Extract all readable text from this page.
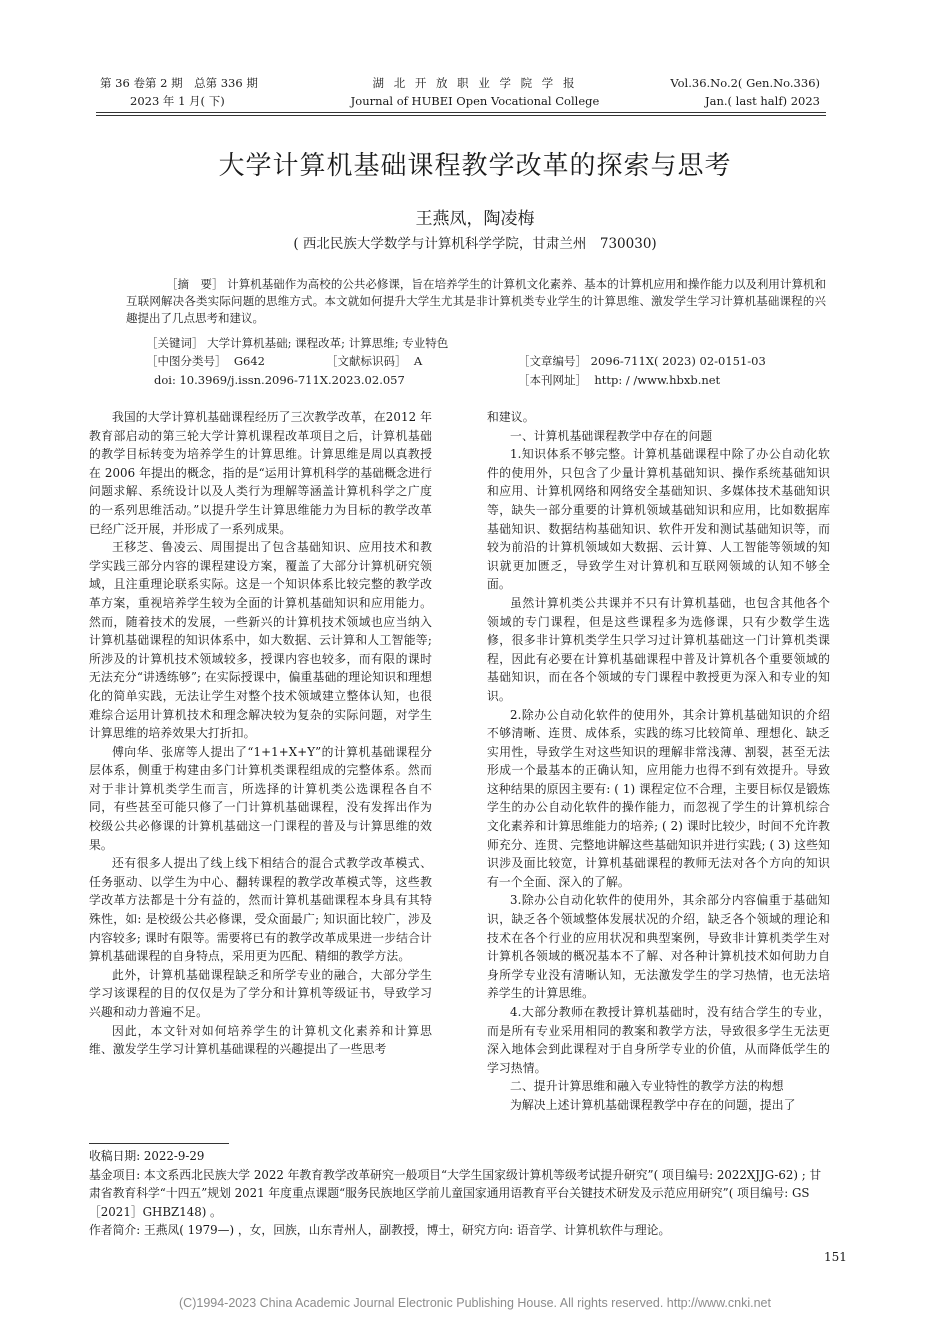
第 36 卷第 2 期　总第 336 期
2023 年 1 月( 下)
湖 北 开 放 职 业 学 院 学 报
Journal of HUBEI Open Vocational College
Vol.36.No.2( Gen.No.336)
Jan.( last half) 2023
大学计算机基础课程教学改革的探索与思考
王燕凤，陶凌梅
( 西北民族大学数学与计算机科学学院，甘肃兰州　730030)
［摘　要］ 计算机基础作为高校的公共必修课，旨在培养学生的计算机文化素养、基本的计算机应用和操作能力以及利用计算机和互联网解决各类实际问题的思维方式。本文就如何提升大学生尤其是非计算机类专业学生的计算思维、激发学生学习计算机基础课程的兴趣提出了几点思考和建议。
［关键词］ 大学计算机基础; 课程改革; 计算思维; 专业特色
［中图分类号］ G642	［文献标识码］ A	［文章编号］ 2096-711X( 2023) 02-0151-03
doi: 10.3969/j.issn.2096-711X.2023.02.057	［本刊网址］ http: / /www.hbxb.net

我国的大学计算机基础课程经历了三次教学改革，在2012 年教育部启动的第三轮大学计算机课程改革项目之后，计算机基础的教学目标转变为培养学生的计算思维。计算思维是周以真教授在 2006 年提出的概念，指的是“运用计算机科学的基础概念进行问题求解、系统设计以及人类行为理解等涵盖计算机科学之广度的一系列思维活动。”以提升学生计算思维能力为目标的教学改革已经广泛开展，并形成了一系列成果。

王移芝、鲁凌云、周围提出了包含基础知识、应用技术和教学实践三部分内容的课程建设方案，覆盖了大部分计算机研究领域，且注重理论联系实际。这是一个知识体系比较完整的教学改革方案，重视培养学生较为全面的计算机基础知识和应用能力。然而，随着技术的发展，一些新兴的计算机技术领域也应当纳入计算机基础课程的知识体系中，如大数据、云计算和人工智能等; 所涉及的计算机技术领域较多，授课内容也较多，而有限的课时无法充分“讲透练够”; 在实际授课中，偏重基础的理论知识和理想化的简单实践，无法让学生对整个技术领域建立整体认知，也很难综合运用计算机技术和理念解决较为复杂的实际问题，对学生计算思维的培养效果大打折扣。

傅向华、张席等人提出了“1+1+X+Y”的计算机基础课程分层体系，侧重于构建由多门计算机类课程组成的完整体系。然而对于非计算机类学生而言，所选择的计算机类公选课程各自不同，有些甚至可能只修了一门计算机基础课程，没有发挥出作为校级公共必修课的计算机基础这一门课程的普及与计算思维的效果。

还有很多人提出了线上线下相结合的混合式教学改革模式、任务驱动、以学生为中心、翻转课程的教学改革模式等，这些教学改革方法都是十分有益的，然而计算机基础课程本身具有其特殊性，如: 是校级公共必修课，受众面最广; 知识面比较广，涉及内容较多; 课时有限等。需要将已有的教学改革成果进一步结合计算机基础课程的自身特点，采用更为匹配、精细的教学方法。

此外，计算机基础课程缺乏和所学专业的融合，大部分学生学习该课程的目的仅仅是为了学分和计算机等级证书，导致学习兴趣和动力普遍不足。

因此，本文针对如何培养学生的计算机文化素养和计算思维、激发学生学习计算机基础课程的兴趣提出了一些思考

和建议。

一、计算机基础课程教学中存在的问题

1.知识体系不够完整。计算机基础课程中除了办公自动化软件的使用外，只包含了少量计算机基础知识、操作系统基础知识和应用、计算机网络和网络安全基础知识、多媒体技术基础知识等，缺失一部分重要的计算机领域基础知识和应用，比如数据库基础知识、数据结构基础知识、软件开发和测试基础知识等，而较为前沿的计算机领域如大数据、云计算、人工智能等领域的知识就更加匮乏，导致学生对计算机和互联网领域的认知不够全面。

虽然计算机类公共课并不只有计算机基础，也包含其他各个领域的专门课程，但是这些课程多为选修课，只有少数学生选修，很多非计算机类学生只学习过计算机基础这一门计算机类课程，因此有必要在计算机基础课程中普及计算机各个重要领域的基础知识，而在各个领域的专门课程中教授更为深入和专业的知识。

2.除办公自动化软件的使用外，其余计算机基础知识的介绍不够清晰、连贯、成体系，实践的练习比较简单、理想化、缺乏实用性，导致学生对这些知识的理解非常浅薄、割裂，甚至无法形成一个最基本的正确认知，应用能力也得不到有效提升。导致这种结果的原因主要有: ( 1) 课程定位不合理，主要目标仅是锻炼学生的办公自动化软件的操作能力，而忽视了学生的计算机综合文化素养和计算思维能力的培养; ( 2) 课时比较少，时间不允许教师充分、连贯、完整地讲解这些基础知识并进行实践; ( 3) 这些知识涉及面比较宽，计算机基础课程的教师无法对各个方向的知识有一个全面、深入的了解。

3.除办公自动化软件的使用外，其余部分内容偏重于基础知识，缺乏各个领域整体发展状况的介绍，缺乏各个领域的理论和技术在各个行业的应用状况和典型案例，导致非计算机类学生对计算机各领域的概况基本不了解、对各种计算机技术如何助力自身所学专业没有清晰认知，无法激发学生的学习热情，也无法培养学生的计算思维。

4.大部分教师在教授计算机基础时，没有结合学生的专业，而是所有专业采用相同的教案和教学方法，导致很多学生无法更深入地体会到此课程对于自身所学专业的价值，从而降低学生的学习热情。

二、提升计算思维和融入专业特性的教学方法的构想

为解决上述计算机基础课程教学中存在的问题，提出了

收稿日期: 2022-9-29
基金项目: 本文系西北民族大学 2022 年教育教学改革研究一般项目“大学生国家级计算机等级考试提升研究”( 项目编号: 2022XJJG-62) ; 甘肃省教育科学“十四五”规划 2021 年度重点课题“服务民族地区学前儿童国家通用语教育平台关键技术研发及示范应用研究”( 项目编号: GS［2021］GHBZ148) 。
作者简介: 王燕凤( 1979—) ，女，回族，山东青州人，副教授，博士，研究方向: 语音学、计算机软件与理论。
151
(C)1994-2023 China Academic Journal Electronic Publishing House. All rights reserved. http://www.cnki.net
